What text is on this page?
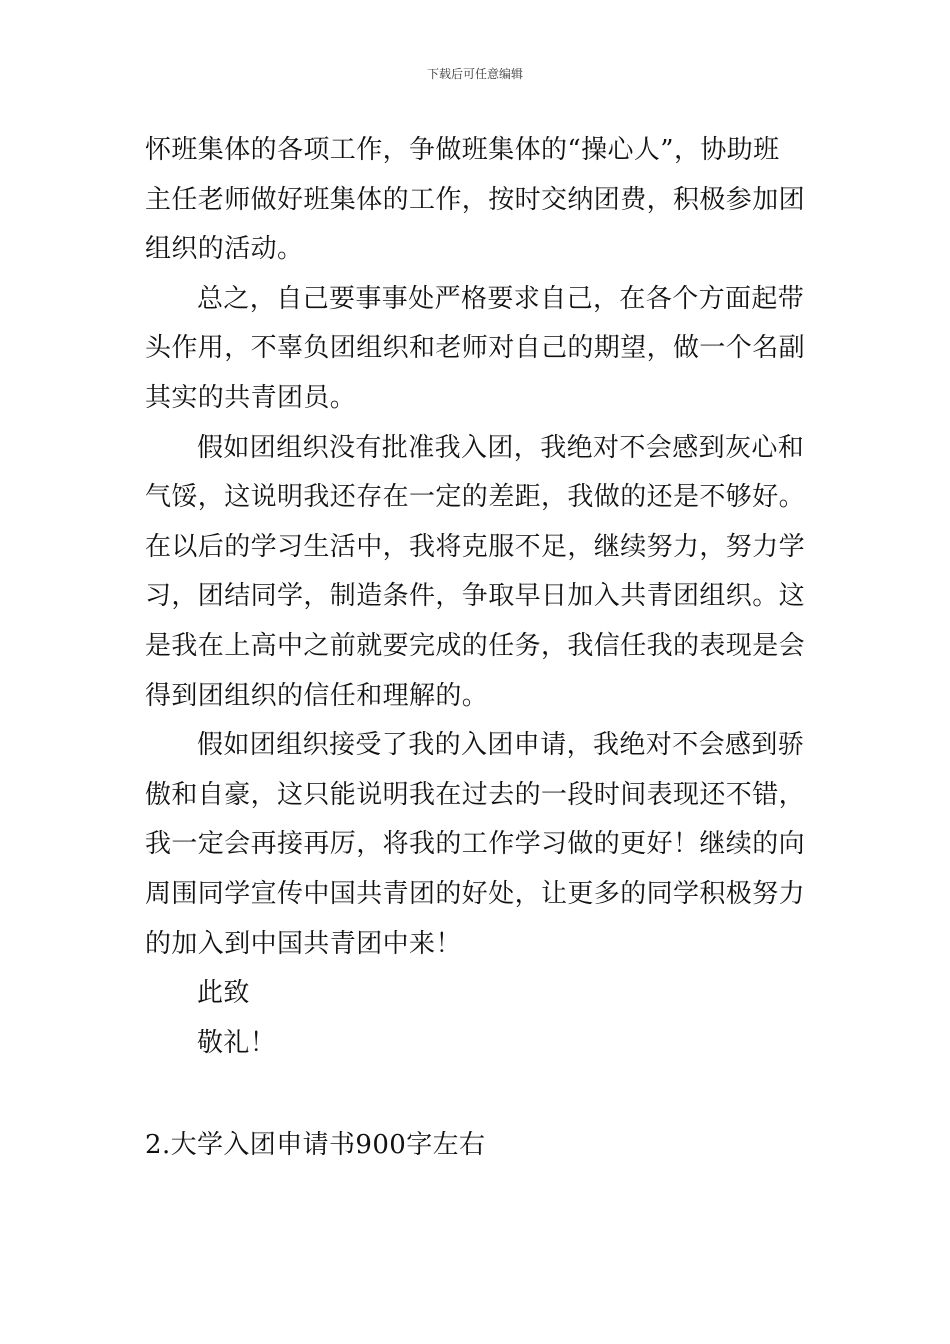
下载后可任意编辑
怀班集体的各项工作，争做班集体的“操心人”，协助班
主任老师做好班集体的工作，按时交纳团费，积极参加团
组织的活动。
总之，自己要事事处严格要求自己，在各个方面起带
头作用，不辜负团组织和老师对自己的期望，做一个名副
其实的共青团员。
假如团组织没有批准我入团，我绝对不会感到灰心和
气馁，这说明我还存在一定的差距，我做的还是不够好。
在以后的学习生活中，我将克服不足，继续努力，努力学
习，团结同学，制造条件，争取早日加入共青团组织。这
是我在上高中之前就要完成的任务，我信任我的表现是会
得到团组织的信任和理解的。
假如团组织接受了我的入团申请，我绝对不会感到骄
傲和自豪，这只能说明我在过去的一段时间表现还不错，
我一定会再接再厉，将我的工作学习做的更好！继续的向
周围同学宣传中国共青团的好处，让更多的同学积极努力
的加入到中国共青团中来！
此致
敬礼！
2.大学入团申请书900字左右
